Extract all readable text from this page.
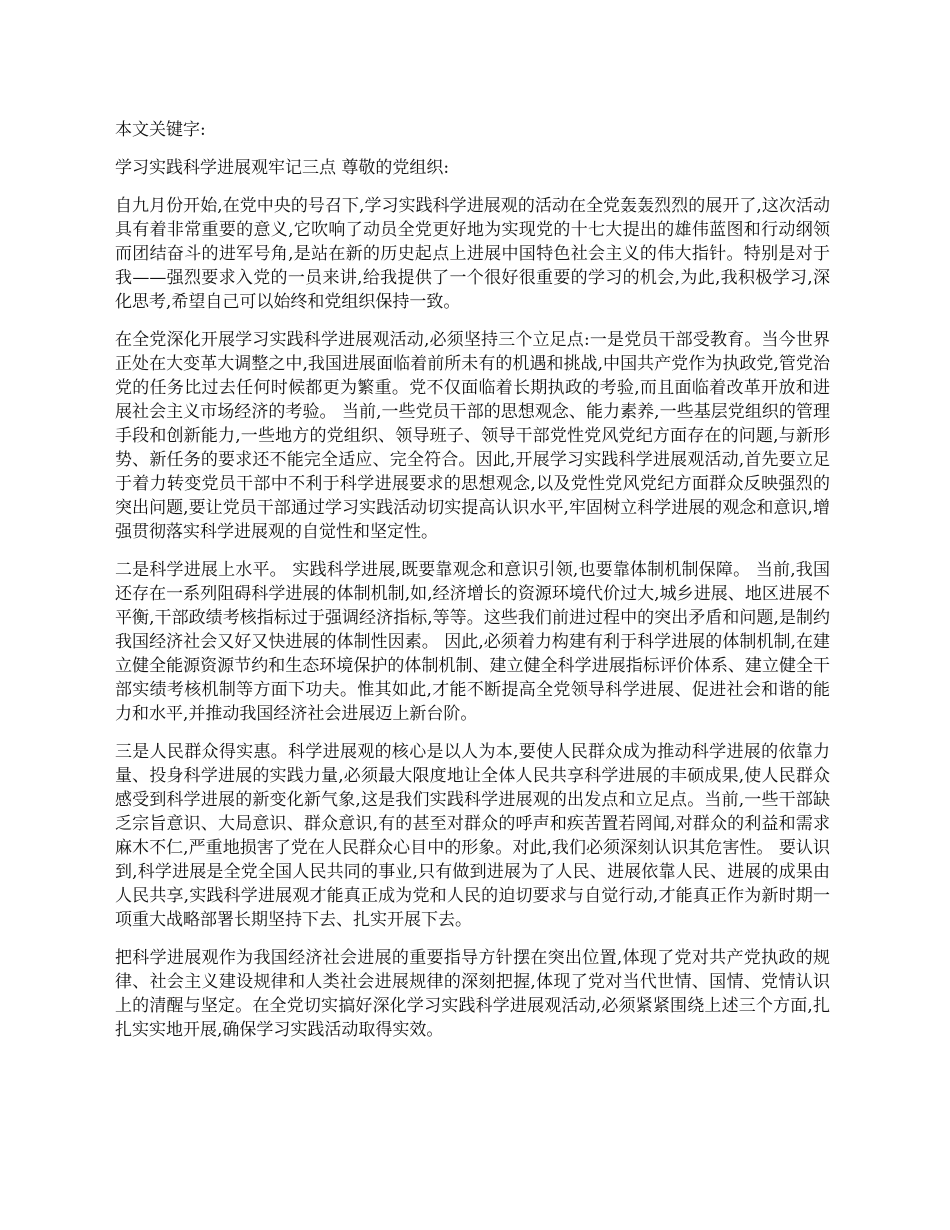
本文关键字:

学习实践科学进展观牢记三点 尊敬的党组织:

自九月份开始,在党中央的号召下,学习实践科学进展观的活动在全党轰轰烈烈的展开了,这次活动具有着非常重要的意义,它吹响了动员全党更好地为实现党的十七大提出的雄伟蓝图和行动纲领而团结奋斗的进军号角,是站在新的历史起点上进展中国特色社会主义的伟大指针。特别是对于我——强烈要求入党的一员来讲,给我提供了一个很好很重要的学习的机会,为此,我积极学习,深化思考,希望自己可以始终和党组织保持一致。

在全党深化开展学习实践科学进展观活动,必须坚持三个立足点:一是党员干部受教育。当今世界正处在大变革大调整之中,我国进展面临着前所未有的机遇和挑战,中国共产党作为执政党,管党治党的任务比过去任何时候都更为繁重。党不仅面临着长期执政的考验,而且面临着改革开放和进展社会主义市场经济的考验。 当前,一些党员干部的思想观念、能力素养,一些基层党组织的管理手段和创新能力,一些地方的党组织、领导班子、领导干部党性党风党纪方面存在的问题,与新形势、新任务的要求还不能完全适应、完全符合。因此,开展学习实践科学进展观活动,首先要立足于着力转变党员干部中不利于科学进展要求的思想观念,以及党性党风党纪方面群众反映强烈的突出问题,要让党员干部通过学习实践活动切实提高认识水平,牢固树立科学进展的观念和意识,增强贯彻落实科学进展观的自觉性和坚定性。

二是科学进展上水平。 实践科学进展,既要靠观念和意识引领,也要靠体制机制保障。 当前,我国还存在一系列阻碍科学进展的体制机制,如,经济增长的资源环境代价过大,城乡进展、地区进展不平衡,干部政绩考核指标过于强调经济指标,等等。这些我们前进过程中的突出矛盾和问题,是制约我国经济社会又好又快进展的体制性因素。 因此,必须着力构建有利于科学进展的体制机制,在建立健全能源资源节约和生态环境保护的体制机制、建立健全科学进展指标评价体系、建立健全干部实绩考核机制等方面下功夫。惟其如此,才能不断提高全党领导科学进展、促进社会和谐的能力和水平,并推动我国经济社会进展迈上新台阶。

三是人民群众得实惠。科学进展观的核心是以人为本,要使人民群众成为推动科学进展的依靠力量、投身科学进展的实践力量,必须最大限度地让全体人民共享科学进展的丰硕成果,使人民群众感受到科学进展的新变化新气象,这是我们实践科学进展观的出发点和立足点。当前,一些干部缺乏宗旨意识、大局意识、群众意识,有的甚至对群众的呼声和疾苦置若罔闻,对群众的利益和需求麻木不仁,严重地损害了党在人民群众心目中的形象。对此,我们必须深刻认识其危害性。 要认识到,科学进展是全党全国人民共同的事业,只有做到进展为了人民、进展依靠人民、进展的成果由人民共享,实践科学进展观才能真正成为党和人民的迫切要求与自觉行动,才能真正作为新时期一项重大战略部署长期坚持下去、扎实开展下去。

把科学进展观作为我国经济社会进展的重要指导方针摆在突出位置,体现了党对共产党执政的规律、社会主义建设规律和人类社会进展规律的深刻把握,体现了党对当代世情、国情、党情认识上的清醒与坚定。在全党切实搞好深化学习实践科学进展观活动,必须紧紧围绕上述三个方面,扎扎实实地开展,确保学习实践活动取得实效。
